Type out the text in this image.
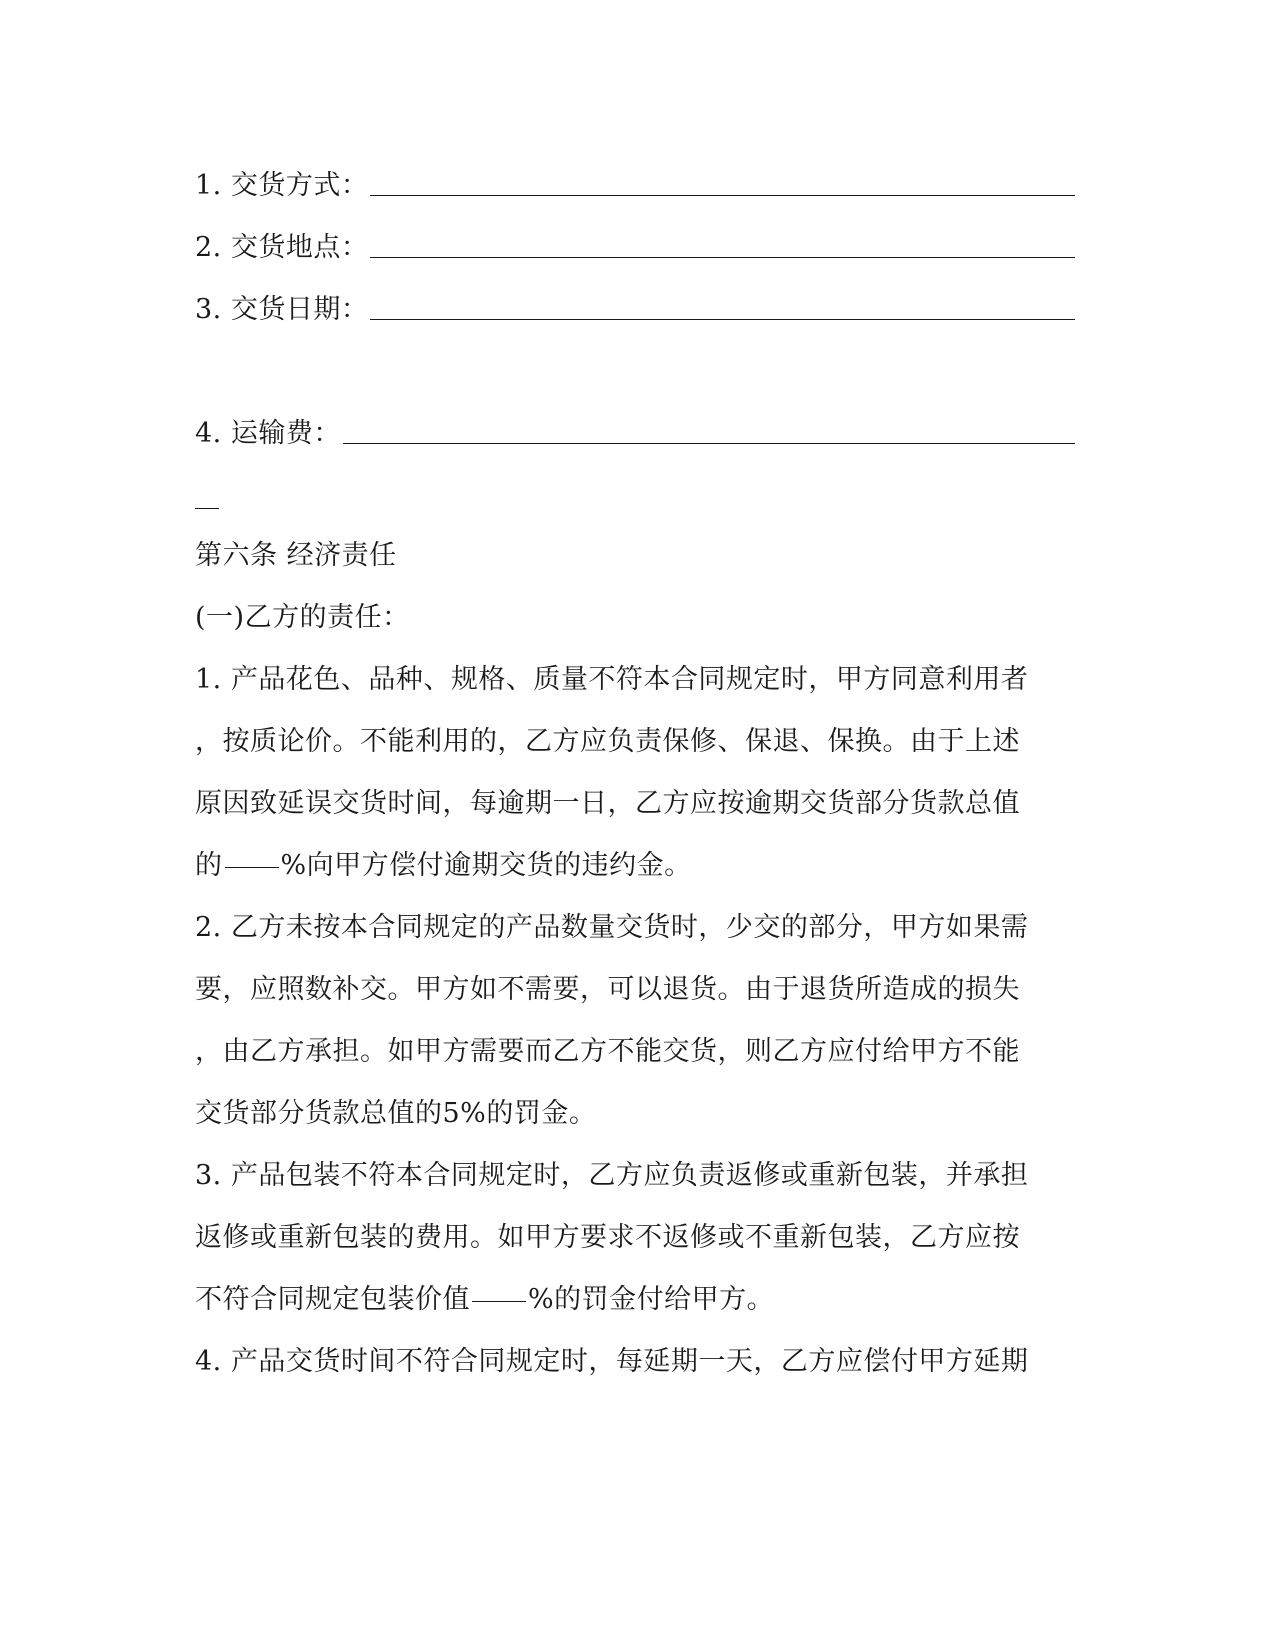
1. 交货方式：
2. 交货地点：
3. 交货日期：
4. 运输费：
第六条 经济责任
(一)乙方的责任：
1. 产品花色、品种、规格、质量不符本合同规定时，甲方同意利用者
，按质论价。不能利用的，乙方应负责保修、保退、保换。由于上述
原因致延误交货时间，每逾期一日，乙方应按逾期交货部分货款总值
的 %向甲方偿付逾期交货的违约金。
2. 乙方未按本合同规定的产品数量交货时，少交的部分，甲方如果需
要，应照数补交。甲方如不需要，可以退货。由于退货所造成的损失
，由乙方承担。如甲方需要而乙方不能交货，则乙方应付给甲方不能
交货部分货款总值的5%的罚金。
3. 产品包装不符本合同规定时，乙方应负责返修或重新包装，并承担
返修或重新包装的费用。如甲方要求不返修或不重新包装，乙方应按
不符合同规定包装价值 %的罚金付给甲方。
4. 产品交货时间不符合同规定时，每延期一天，乙方应偿付甲方延期
